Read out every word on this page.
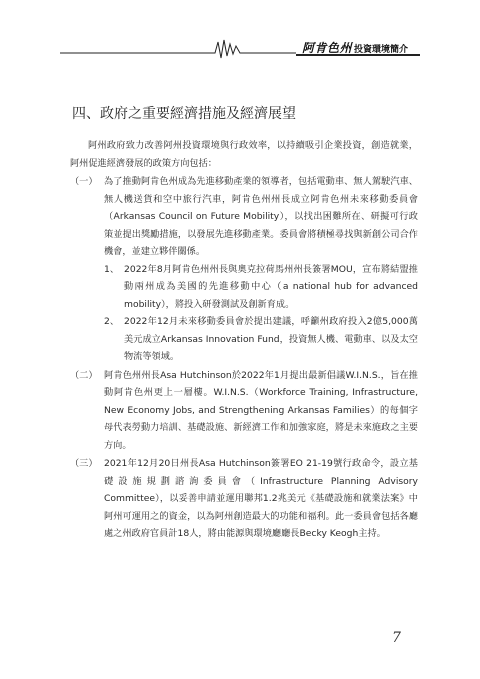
阿肯色州 投資環境簡介
四、政府之重要經濟措施及經濟展望

阿州政府致力改善阿州投資環境與行政效率，以持續吸引企業投資，創造就業，阿州促進經濟發展的政策方向包括：

（一） 為了推動阿肯色州成為先進移動產業的領導者，包括電動車、無人駕駛汽車、無人機送貨和空中旅行汽車，阿肯色州州長成立阿肯色州未來移動委員會（Arkansas Council on Future Mobility），以找出困難所在、研擬可行政策並提出獎勵措施，以發展先進移動產業。委員會將積極尋找與新創公司合作機會，並建立夥伴關係。
1、 2022年8月阿肯色州州長與奧克拉荷馬州州長簽署MOU，宣布將結盟推動兩州成為美國的先進移動中心（a national hub for advanced mobility），將投入研發測試及創新育成。
2、 2022年12月未來移動委員會於提出建議，呼籲州政府投入2億5,000萬美元成立Arkansas Innovation Fund，投資無人機、電動車、以及太空物流等領域。
（二） 阿肯色州州長Asa Hutchinson於2022年1月提出最新倡議W.I.N.S.，旨在推動阿肯色州更上一層樓。W.I.N.S.（Workforce Training, Infrastructure, New Economy Jobs, and Strengthening Arkansas Families）的每個字母代表勞動力培訓、基礎設施、新經濟工作和加強家庭，將是未來施政之主要方向。
（三） 2021年12月20日州長Asa Hutchinson簽署EO 21-19號行政命令，設立基礎設施規劃諮詢委員會（Infrastructure Planning Advisory Committee），以妥善申請並運用聯邦1.2兆美元《基礎設施和就業法案》中阿州可運用之的資金，以為阿州創造最大的功能和福利。此一委員會包括各廳處之州政府官員計18人，將由能源與環境廳廳長Becky Keogh主持。
7
